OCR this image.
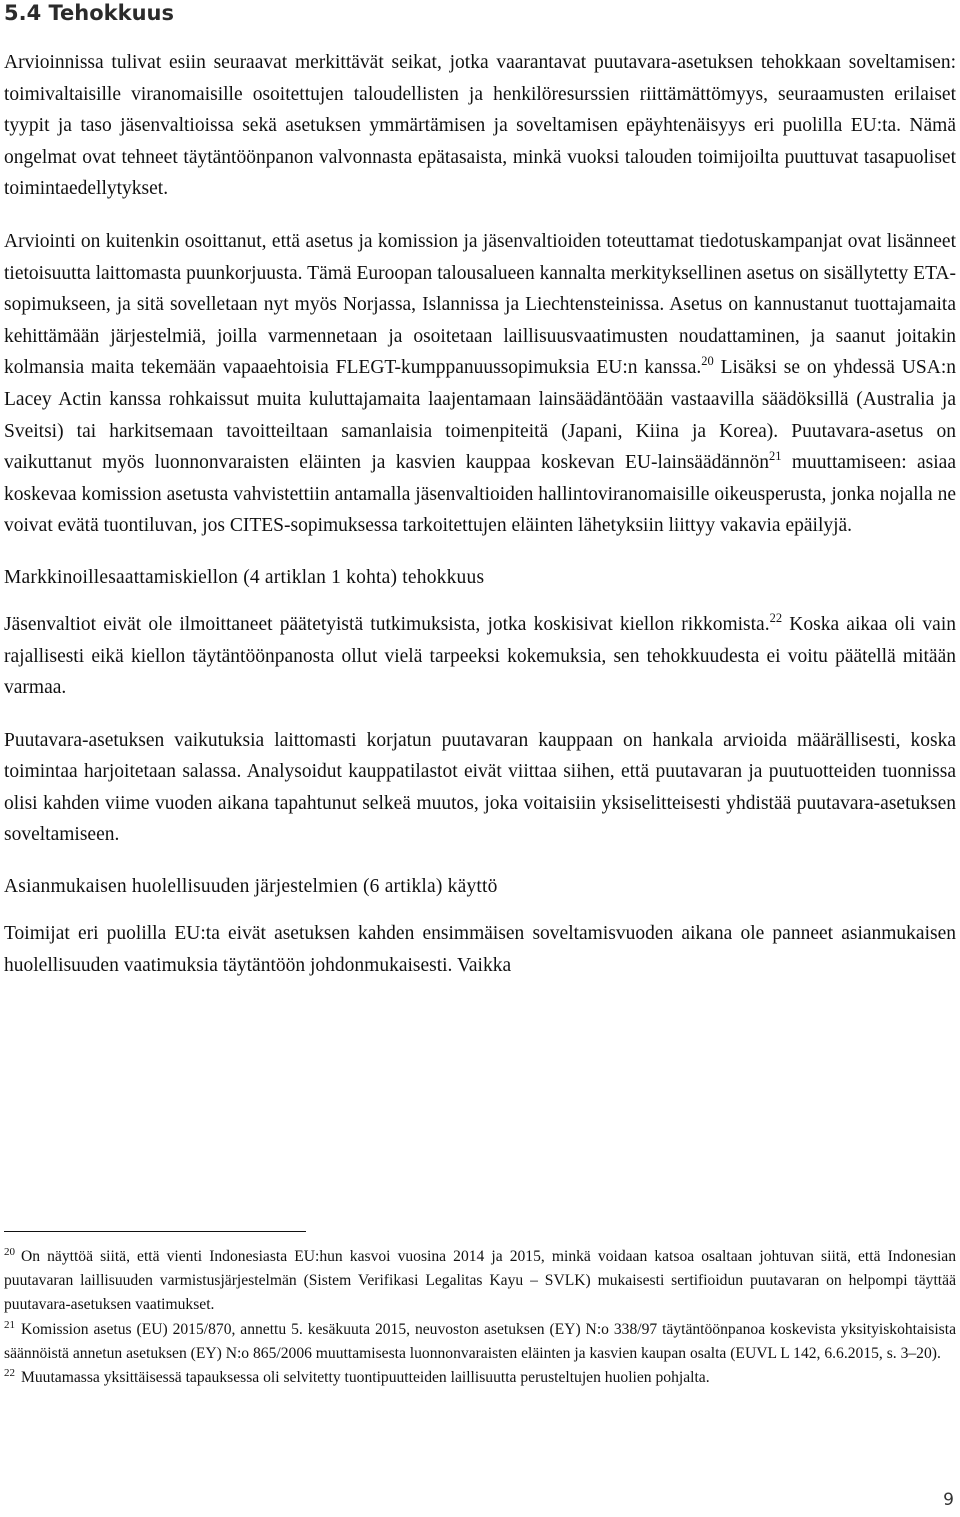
5.4 Tehokkuus

Arvioinnissa tulivat esiin seuraavat merkittävät seikat, jotka vaarantavat puutavara-asetuksen tehokkaan soveltamisen: toimivaltaisille viranomaisille osoitettujen taloudellisten ja henkilöresurssien riittämättömyys, seuraamusten erilaiset tyypit ja taso jäsenvaltioissa sekä asetuksen ymmärtämisen ja soveltamisen epäyhtenäisyys eri puolilla EU:ta. Nämä ongelmat ovat tehneet täytäntöönpanon valvonnasta epätasaista, minkä vuoksi talouden toimijoilta puuttuvat tasapuoliset toimintaedellytykset.

Arviointi on kuitenkin osoittanut, että asetus ja komission ja jäsenvaltioiden toteuttamat tiedotuskampanjat ovat lisänneet tietoisuutta laittomasta puunkorjuusta. Tämä Euroopan talousalueen kannalta merkityksellinen asetus on sisällytetty ETA-sopimukseen, ja sitä sovelletaan nyt myös Norjassa, Islannissa ja Liechtensteinissa. Asetus on kannustanut tuottajamaita kehittämään järjestelmiä, joilla varmennetaan ja osoitetaan laillisuusvaatimusten noudattaminen, ja saanut joitakin kolmansia maita tekemään vapaaehtoisia FLEGT-kumppanuussopimuksia EU:n kanssa.$^{20}$ Lisäksi se on yhdessä USA:n Lacey Actin kanssa rohkaissut muita kuluttajamaita laajentamaan lainsäädäntöään vastaavilla säädöksillä (Australia ja Sveitsi) tai harkitsemaan tavoitteiltaan samanlaisia toimenpiteitä (Japani, Kiina ja Korea). Puutavara-asetus on vaikuttanut myös luonnonvaraisten eläinten ja kasvien kauppaa koskevan EU-lainsäädännön$^{21}$ muuttamiseen: asiaa koskevaa komission asetusta vahvistettiin antamalla jäsenvaltioiden hallintoviranomaisille oikeusperusta, jonka nojalla ne voivat evätä tuontiluvan, jos CITES-sopimuksessa tarkoitettujen eläinten lähetyksiin liittyy vakavia epäilyjä.

Markkinoillesaattamiskiellon (4 artiklan 1 kohta) tehokkuus

Jäsenvaltiot eivät ole ilmoittaneet päätetyistä tutkimuksista, jotka koskisivat kiellon rikkomista.$^{22}$ Koska aikaa oli vain rajallisesti eikä kiellon täytäntöönpanosta ollut vielä tarpeeksi kokemuksia, sen tehokkuudesta ei voitu päätellä mitään varmaa.

Puutavara-asetuksen vaikutuksia laittomasti korjatun puutavaran kauppaan on hankala arvioida määrällisesti, koska toimintaa harjoitetaan salassa. Analysoidut kauppatilastot eivät viittaa siihen, että puutavaran ja puutuotteiden tuonnissa olisi kahden viime vuoden aikana tapahtunut selkeä muutos, joka voitaisiin yksiselitteisesti yhdistää puutavara-asetuksen soveltamiseen.

Asianmukaisen huolellisuuden järjestelmien (6 artikla) käyttö

Toimijat eri puolilla EU:ta eivät asetuksen kahden ensimmäisen soveltamisvuoden aikana ole panneet asianmukaisen huolellisuuden vaatimuksia täytäntöön johdonmukaisesti. Vaikka

$^{20}$ On näyttöä siitä, että vienti Indonesiasta EU:hun kasvoi vuosina 2014 ja 2015, minkä voidaan katsoa osaltaan johtuvan siitä, että Indonesian puutavaran laillisuuden varmistusjärjestelmän (Sistem Verifikasi Legalitas Kayu – SVLK) mukaisesti sertifioidun puutavaran on helpompi täyttää puutavara-asetuksen vaatimukset.

$^{21}$ Komission asetus (EU) 2015/870, annettu 5. kesäkuuta 2015, neuvoston asetuksen (EY) N:o 338/97 täytäntöönpanoa koskevista yksityiskohtaisista säännöistä annetun asetuksen (EY) N:o 865/2006 muuttamisesta luonnonvaraisten eläinten ja kasvien kaupan osalta (EUVL L 142, 6.6.2015, s. 3–20).

$^{22}$ Muutamassa yksittäisessä tapauksessa oli selvitetty tuontipuutteiden laillisuutta perusteltujen huolien pohjalta.

9
